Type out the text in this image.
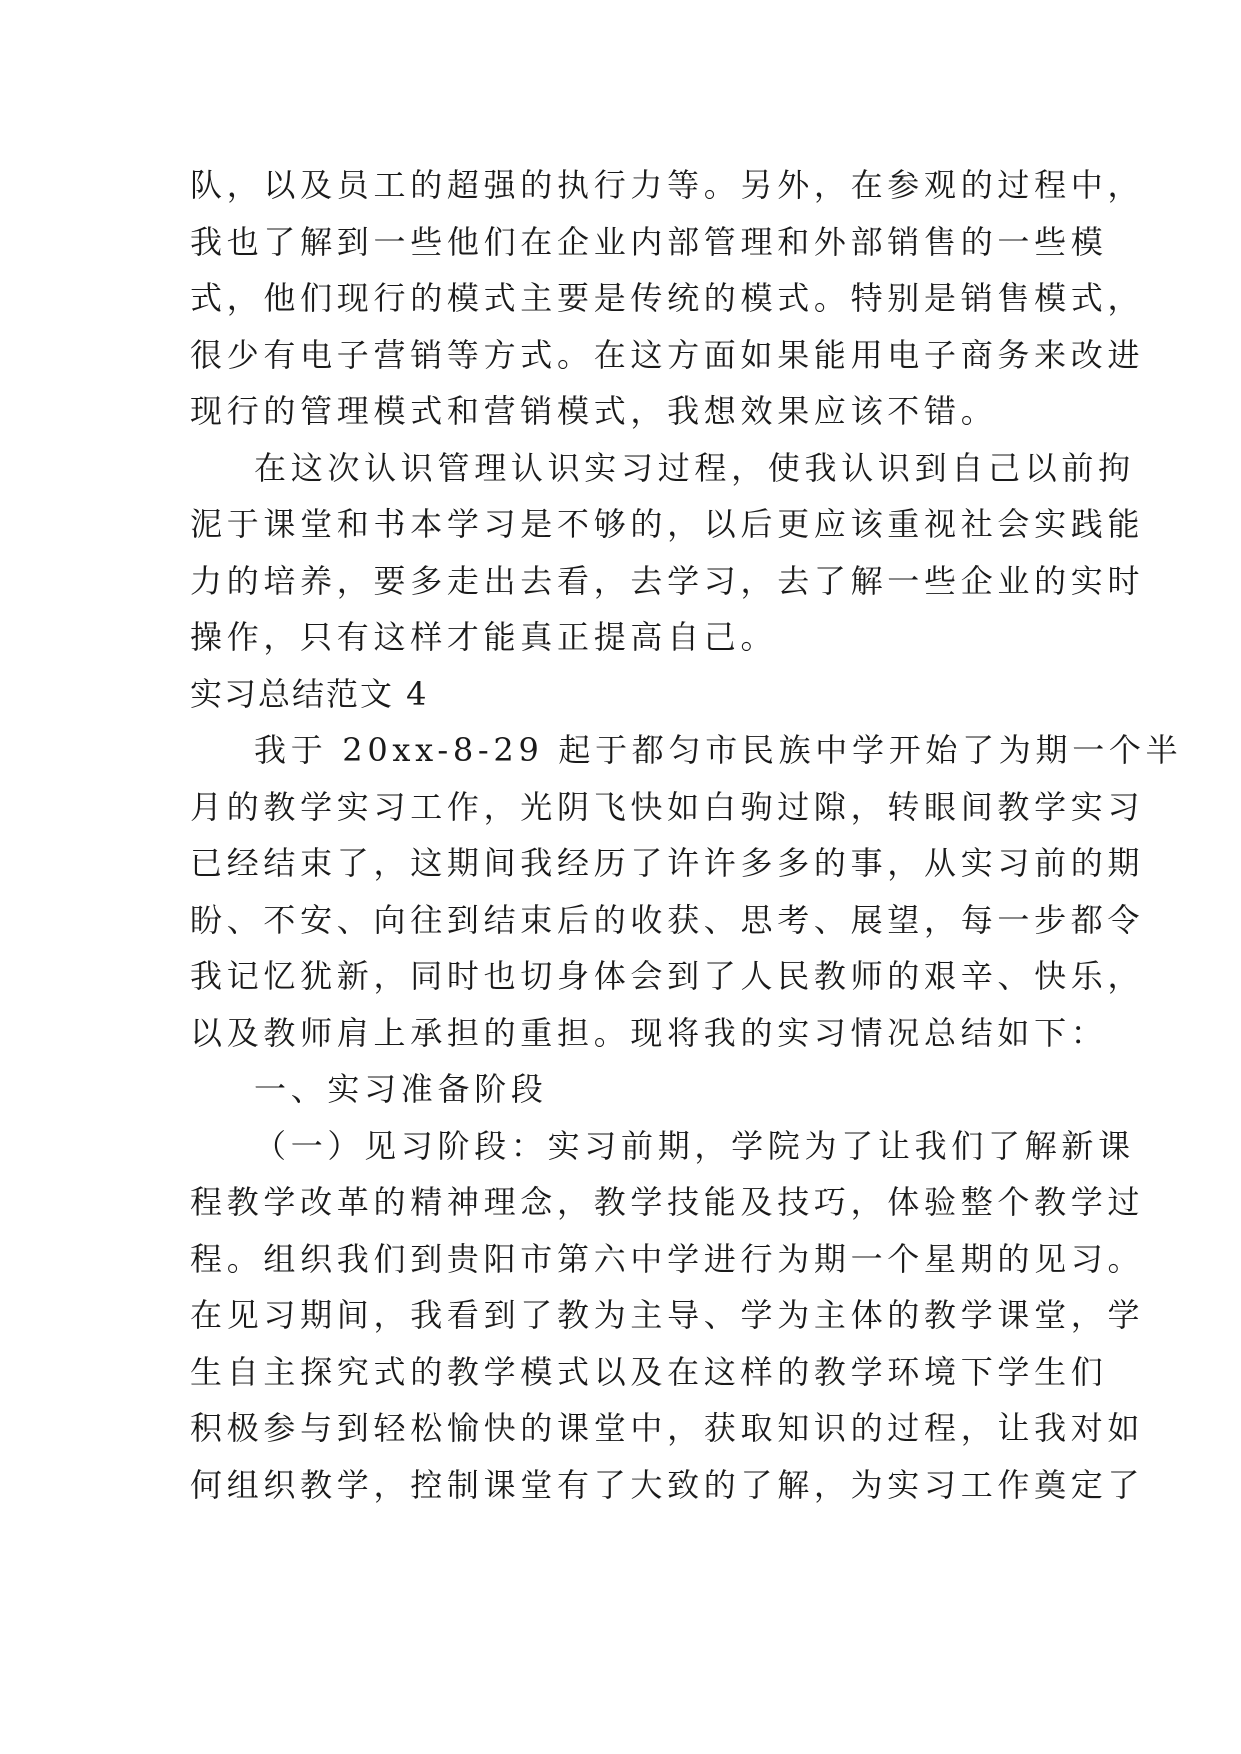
队，以及员工的超强的执行力等。另外，在参观的过程中，
我也了解到一些他们在企业内部管理和外部销售的一些模
式，他们现行的模式主要是传统的模式。特别是销售模式，
很少有电子营销等方式。在这方面如果能用电子商务来改进
现行的管理模式和营销模式，我想效果应该不错。
在这次认识管理认识实习过程，使我认识到自己以前拘
泥于课堂和书本学习是不够的，以后更应该重视社会实践能
力的培养，要多走出去看，去学习，去了解一些企业的实时
操作，只有这样才能真正提高自己。
实习总结范文 4
我于 20xx-8-29 起于都匀市民族中学开始了为期一个半
月的教学实习工作，光阴飞快如白驹过隙，转眼间教学实习
已经结束了，这期间我经历了许许多多的事，从实习前的期
盼、不安、向往到结束后的收获、思考、展望，每一步都令
我记忆犹新，同时也切身体会到了人民教师的艰辛、快乐，
以及教师肩上承担的重担。现将我的实习情况总结如下：
一、实习准备阶段
（一）见习阶段：实习前期，学院为了让我们了解新课
程教学改革的精神理念，教学技能及技巧，体验整个教学过
程。组织我们到贵阳市第六中学进行为期一个星期的见习。
在见习期间，我看到了教为主导、学为主体的教学课堂，学
生自主探究式的教学模式以及在这样的教学环境下学生们
积极参与到轻松愉快的课堂中，获取知识的过程，让我对如
何组织教学，控制课堂有了大致的了解，为实习工作奠定了
